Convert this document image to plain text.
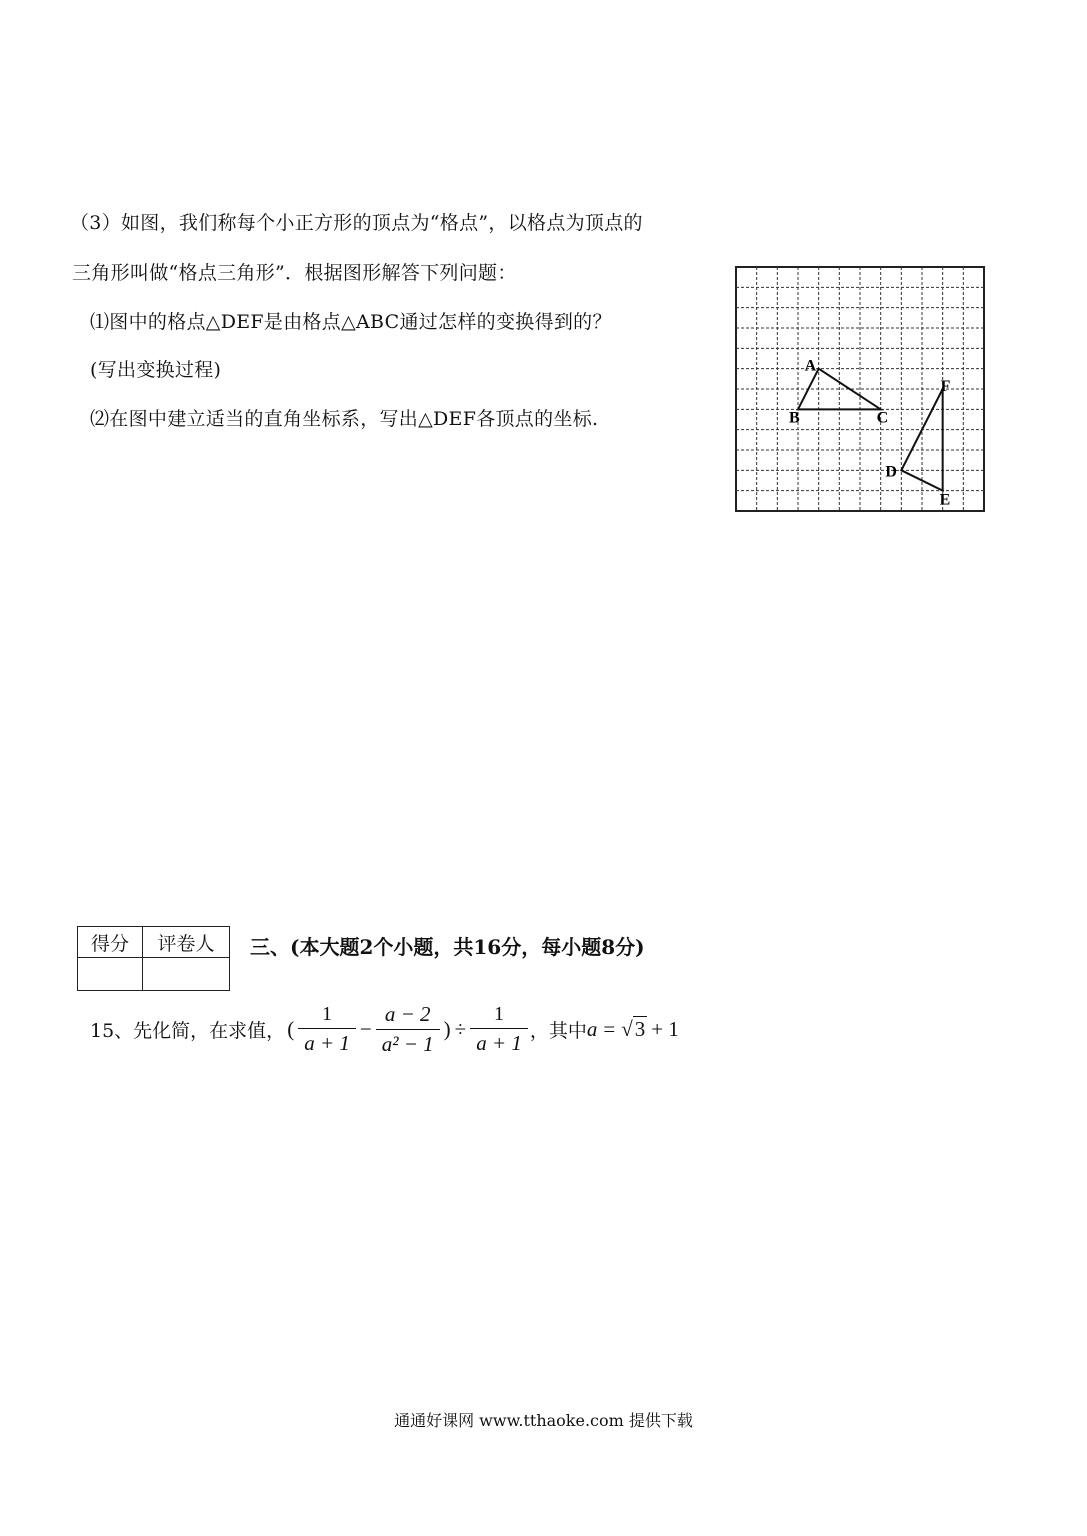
（3）如图，我们称每个小正方形的顶点为“格点”，以格点为顶点的
三角形叫做“格点三角形”．根据图形解答下列问题：
⑴图中的格点△DEF是由格点△ABC通过怎样的变换得到的？
(写出变换过程)
⑵在图中建立适当的直角坐标系，写出△DEF各顶点的坐标.
A
B	C
D
E
F
得分	评卷人
	三、(本大题2个小题，共16分，每小题8分)
15、先化简，在求值， ( $\frac{1}{a + 1} - \frac{a - 2}{\text{a² − 1}}$ ) ÷ $\frac{1}{a + 1}$ ，其中 a = √3 + 1
通通好课网 www.tthaoke.com 提供下载
